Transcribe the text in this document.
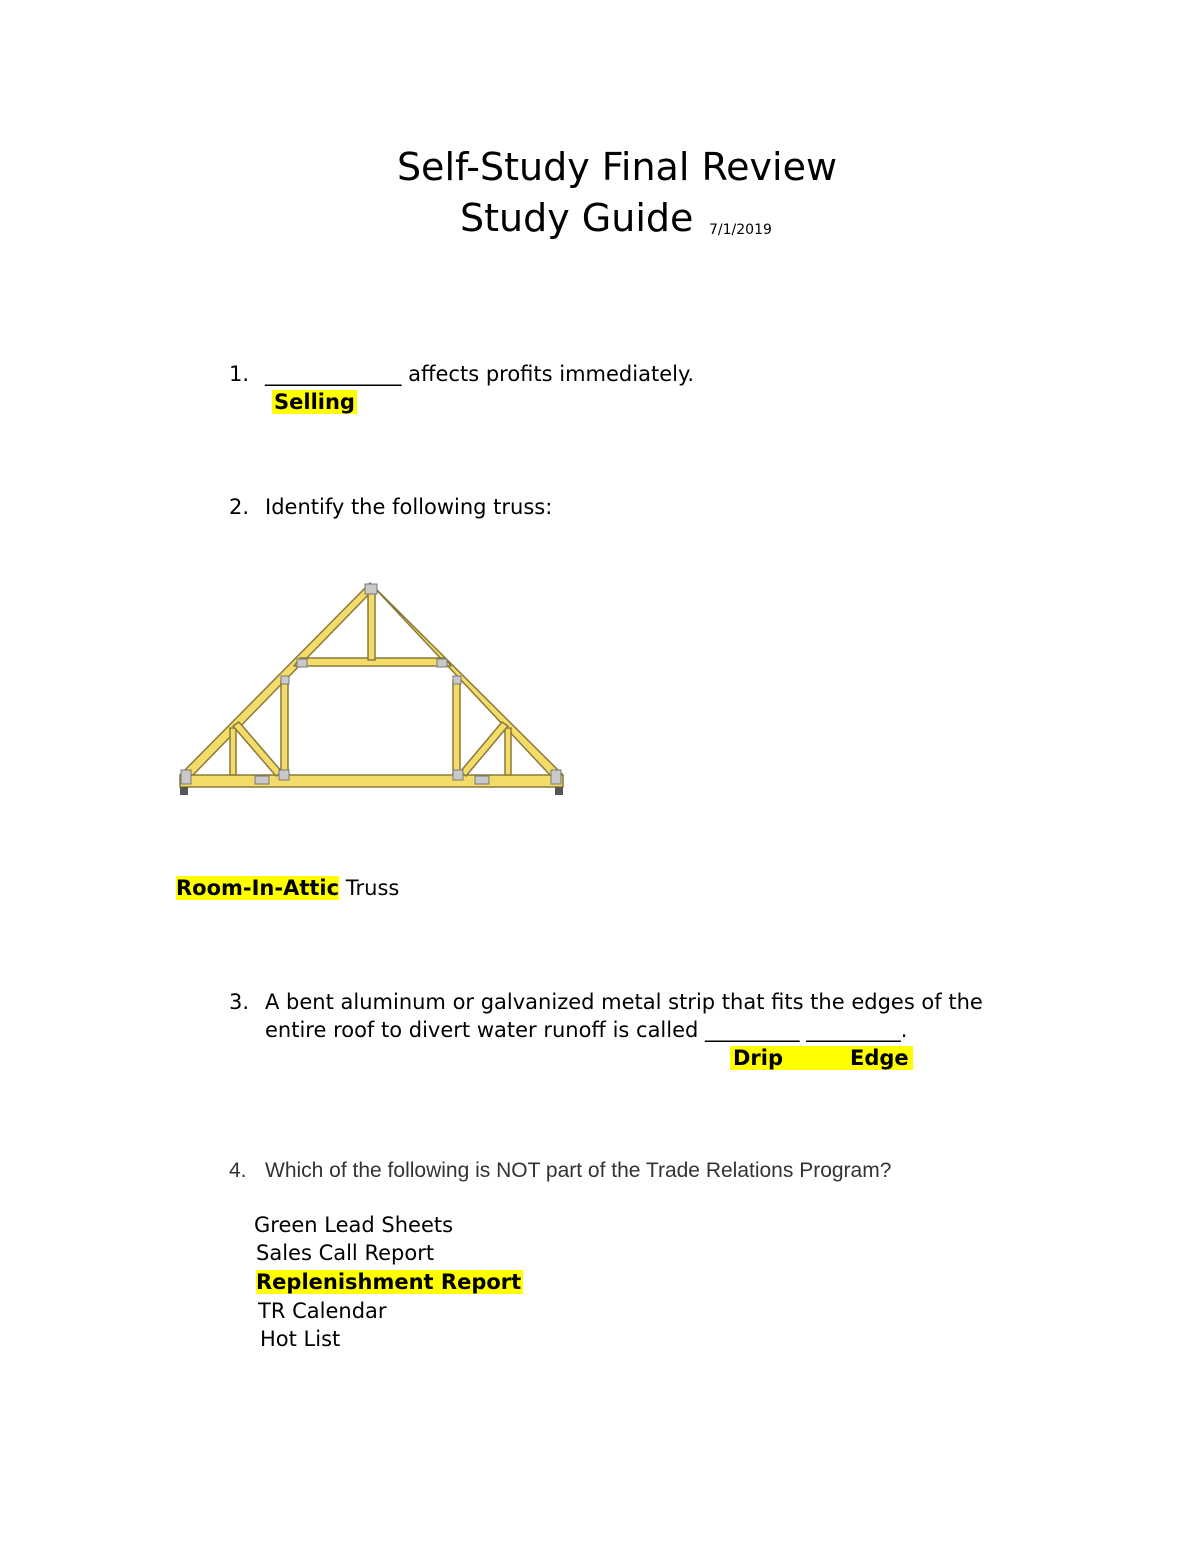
Self-Study Final Review
Study Guide 7/1/2019
1. _____________ affects profits immediately.
Selling
2. Identify the following truss:
Room-In-Attic Truss
3. A bent aluminum or galvanized metal strip that fits the edges of the
entire roof to divert water runoff is called _________ _________.
Drip	Edge
4. Which of the following is NOT part of the Trade Relations Program?
Green Lead Sheets
Sales Call Report
Replenishment Report
TR Calendar
Hot List
